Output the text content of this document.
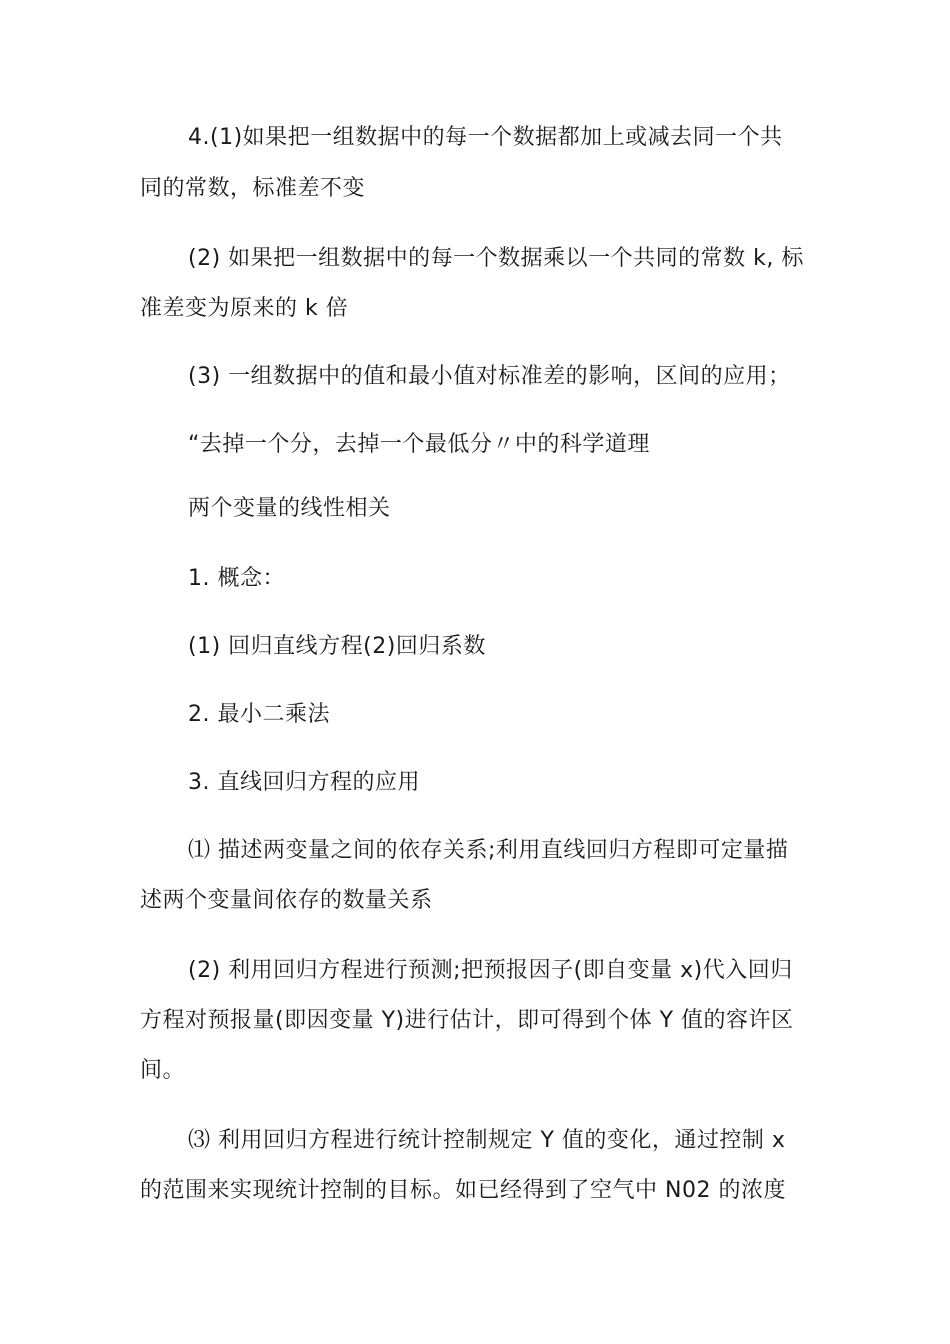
4.(1)如果把一组数据中的每一个数据都加上或减去同一个共
同的常数，标准差不变
(2) 如果把一组数据中的每一个数据乘以一个共同的常数 k, 标
准差变为原来的 k 倍
(3) 一组数据中的值和最小值对标准差的影响，区间的应用；
“去掉一个分，去掉一个最低分〃中的科学道理
两个变量的线性相关
1. 概念：
(1) 回归直线方程(2)回归系数
2. 最小二乘法
3. 直线回归方程的应用
⑴ 描述两变量之间的依存关系;利用直线回归方程即可定量描
述两个变量间依存的数量关系
(2) 利用回归方程进行预测;把预报因子(即自变量 x)代入回归
方程对预报量(即因变量 Y)进行估计，即可得到个体 Y 值的容许区
间。
⑶ 利用回归方程进行统计控制规定 Y 值的变化，通过控制 x
的范围来实现统计控制的目标。如已经得到了空气中 N02 的浓度
